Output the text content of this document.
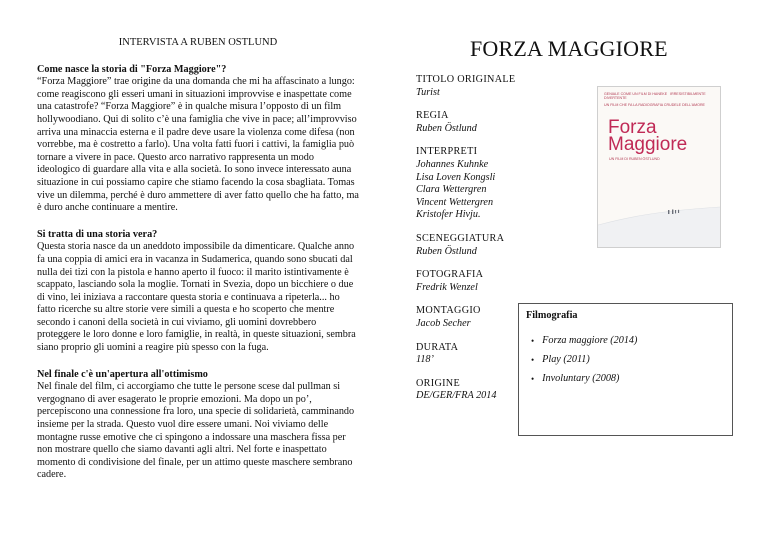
INTERVISTA A RUBEN OSTLUND
Come nasce la storia di "Forza Maggiore"?
“Forza Maggiore” trae origine da una domanda che mi ha affascinato a lungo: come reagiscono gli esseri umani in situazioni improvvise e inaspettate come una catastrofe? “Forza Maggiore” è in qualche misura l’opposto di un film hollywoodiano. Qui di solito c’è una famiglia che vive in pace; all’improvviso arriva una minaccia esterna e il padre deve usare la violenza come difesa (non vorrebbe, ma è costretto a farlo). Una volta fatti fuori i cattivi, la famiglia può tornare a vivere in pace. Questo arco narrativo rappresenta un modo ideologico di guardare alla vita e alla società. Io sono invece interessato auna situazione in cui possiamo capire che stiamo facendo la cosa sbagliata. Tomas vive un dilemma, perché è duro ammettere di aver fatto quello che ha fatto, ma è duro anche continuare a mentire.
Si tratta di una storia vera?
Questa storia nasce da un aneddoto impossibile da dimenticare. Qualche anno fa una coppia di amici era in vacanza in Sudamerica, quando sono sbucati dal nulla dei tizi con la pistola e hanno aperto il fuoco: il marito istintivamente è scappato, lasciando sola la moglie. Tornati in Svezia, dopo un bicchiere o due di vino, lei iniziava a raccontare questa storia e continuava a ripeterla... ho fatto ricerche su altre storie vere simili a questa e ho scoperto che mentre secondo i canoni della società in cui viviamo, gli uomini dovrebbero proteggere le loro donne e loro famiglie, in realtà, in queste situazioni, sembra siano proprio gli uomini a reagire più spesso con la fuga.
Nel finale c'è un'apertura all'ottimismo
Nel finale del film, ci accorgiamo che tutte le persone scese dal pullman si vergognano di aver esagerato le proprie emozioni. Ma dopo un po’, percepiscono una connessione fra loro, una specie di solidarietà, camminando insieme per la strada. Questo vuol dire essere umani. Noi viviamo delle montagne russe emotive che ci spingono a indossare una maschera fissa per non mostrare quello che siamo davanti agli altri. Nel forte e inaspettato momento di condivisione del finale, per un attimo queste maschere sembrano cadere.
FORZA MAGGIORE
TITOLO ORIGINALE
Turist
REGIA
Ruben Östlund
INTERPRETI
Johannes Kuhnke
Lisa Loven Kongsli
Clara Wettergren
Vincent Wettergren
Kristofer Hivju.
SCENEGGIATURA
Ruben Östlund
FOTOGRAFIA
Fredrik Wenzel
MONTAGGIO
Jacob Secher
DURATA
118’
ORIGINE
DE/GER/FRA 2014
GENIALE COME UN FILM DI HANEKE IRRESISTIBILMENTE DIVERTENTE
UN FILM CHE FA LA RADIOGRAFIA CRUDELE DELL'AMORE
Forza
Maggiore
UN FILM DI RUBEN ÖSTLUND
Filmografia
• Forza maggiore (2014)
• Play (2011)
• Involuntary (2008)
